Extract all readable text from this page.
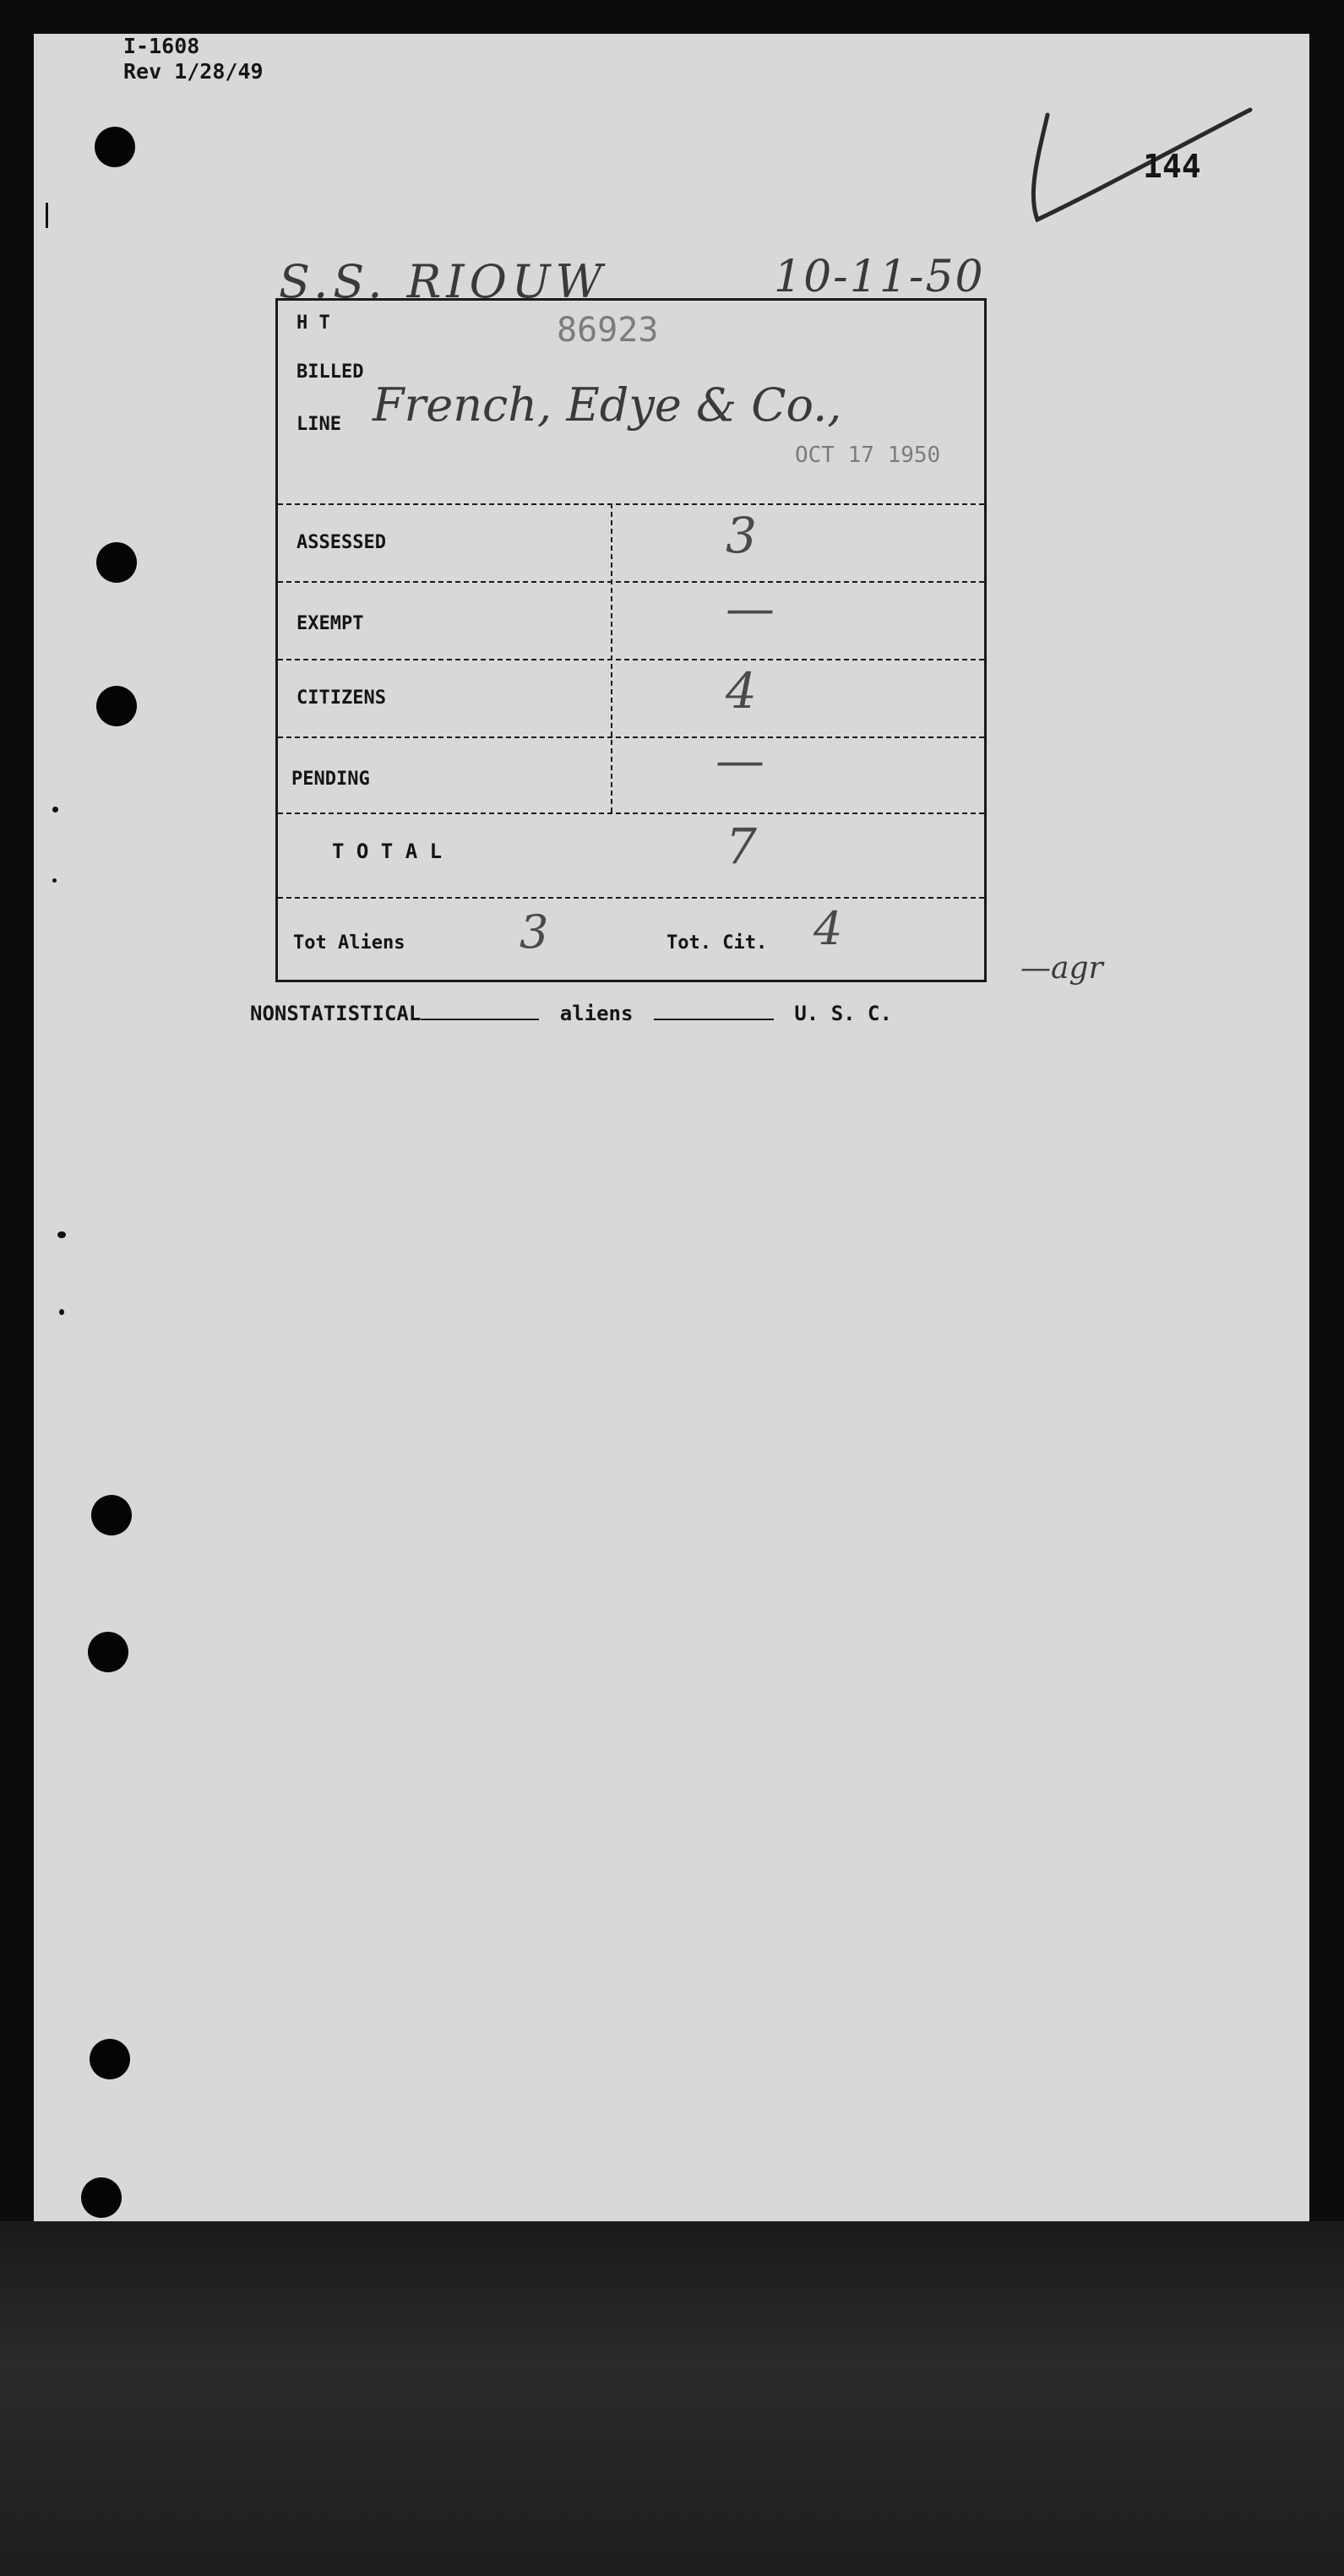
I-1608
Rev 1/28/49
144
S.S. RIOUW	10-11-50
H T	86923
BILLED
LINE French, Edye & Co.,
OCT 17 1950
ASSESSED	3
EXEMPT	—
CITIZENS	4
PENDING	—
T O T A L	7
Tot Aliens	3	Tot. Cit. 4
—agr
NONSTATISTICAL	aliens	U. S. C.
